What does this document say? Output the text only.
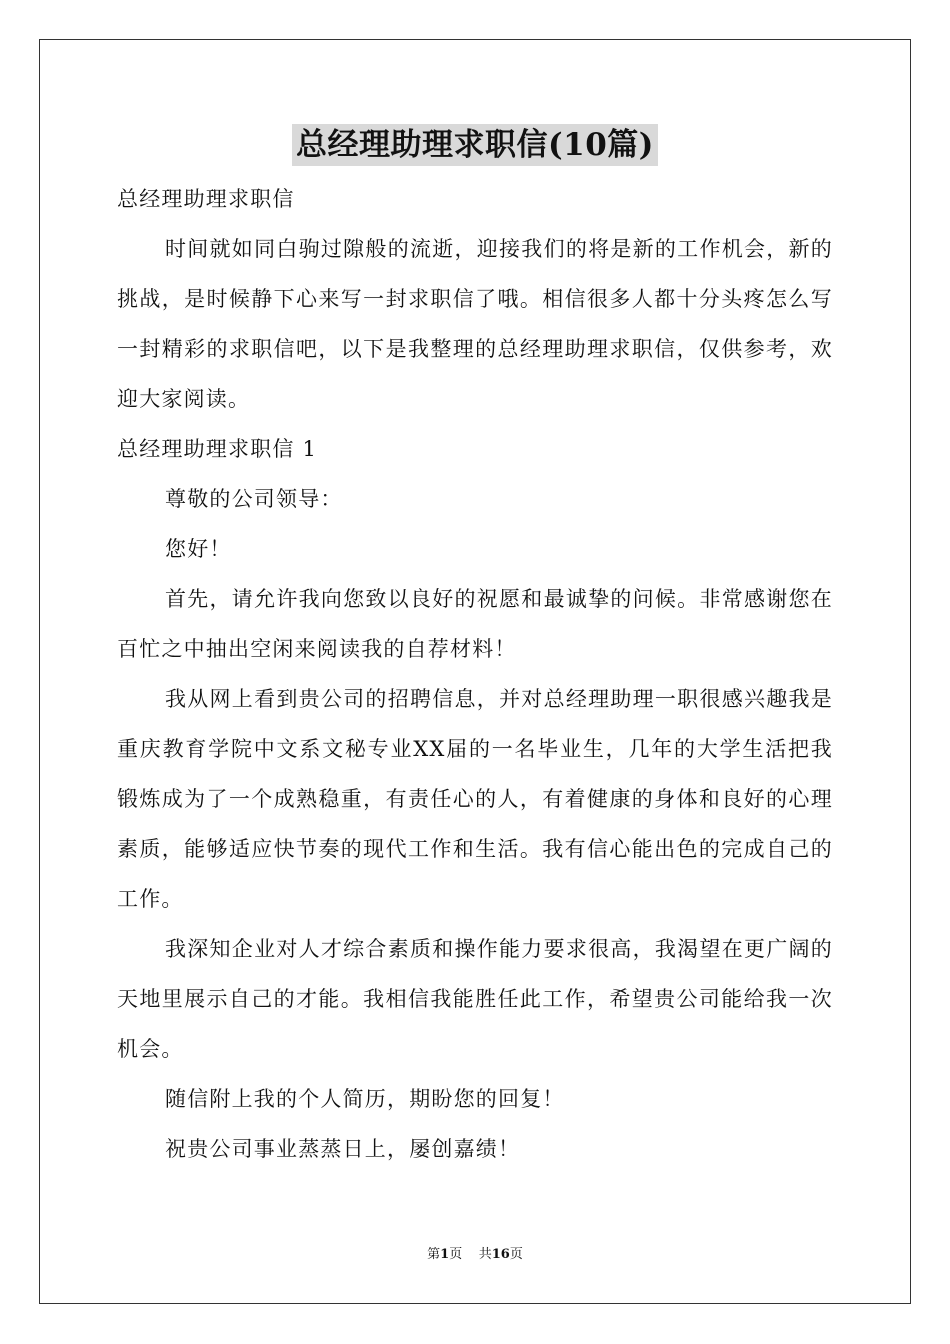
总经理助理求职信(10篇)

总经理助理求职信

时间就如同白驹过隙般的流逝，迎接我们的将是新的工作机会，新的挑战，是时候静下心来写一封求职信了哦。相信很多人都十分头疼怎么写一封精彩的求职信吧，以下是我整理的总经理助理求职信，仅供参考，欢迎大家阅读。

总经理助理求职信 1

尊敬的公司领导：

您好！

首先，请允许我向您致以良好的祝愿和最诚挚的问候。非常感谢您在百忙之中抽出空闲来阅读我的自荐材料！

我从网上看到贵公司的招聘信息，并对总经理助理一职很感兴趣我是重庆教育学院中文系文秘专业XX届的一名毕业生，几年的大学生活把我锻炼成为了一个成熟稳重，有责任心的人，有着健康的身体和良好的心理素质，能够适应快节奏的现代工作和生活。我有信心能出色的完成自己的工作。

我深知企业对人才综合素质和操作能力要求很高，我渴望在更广阔的天地里展示自己的才能。我相信我能胜任此工作，希望贵公司能给我一次机会。

随信附上我的个人简历，期盼您的回复！

祝贵公司事业蒸蒸日上，屡创嘉绩！

第1页 共16页
